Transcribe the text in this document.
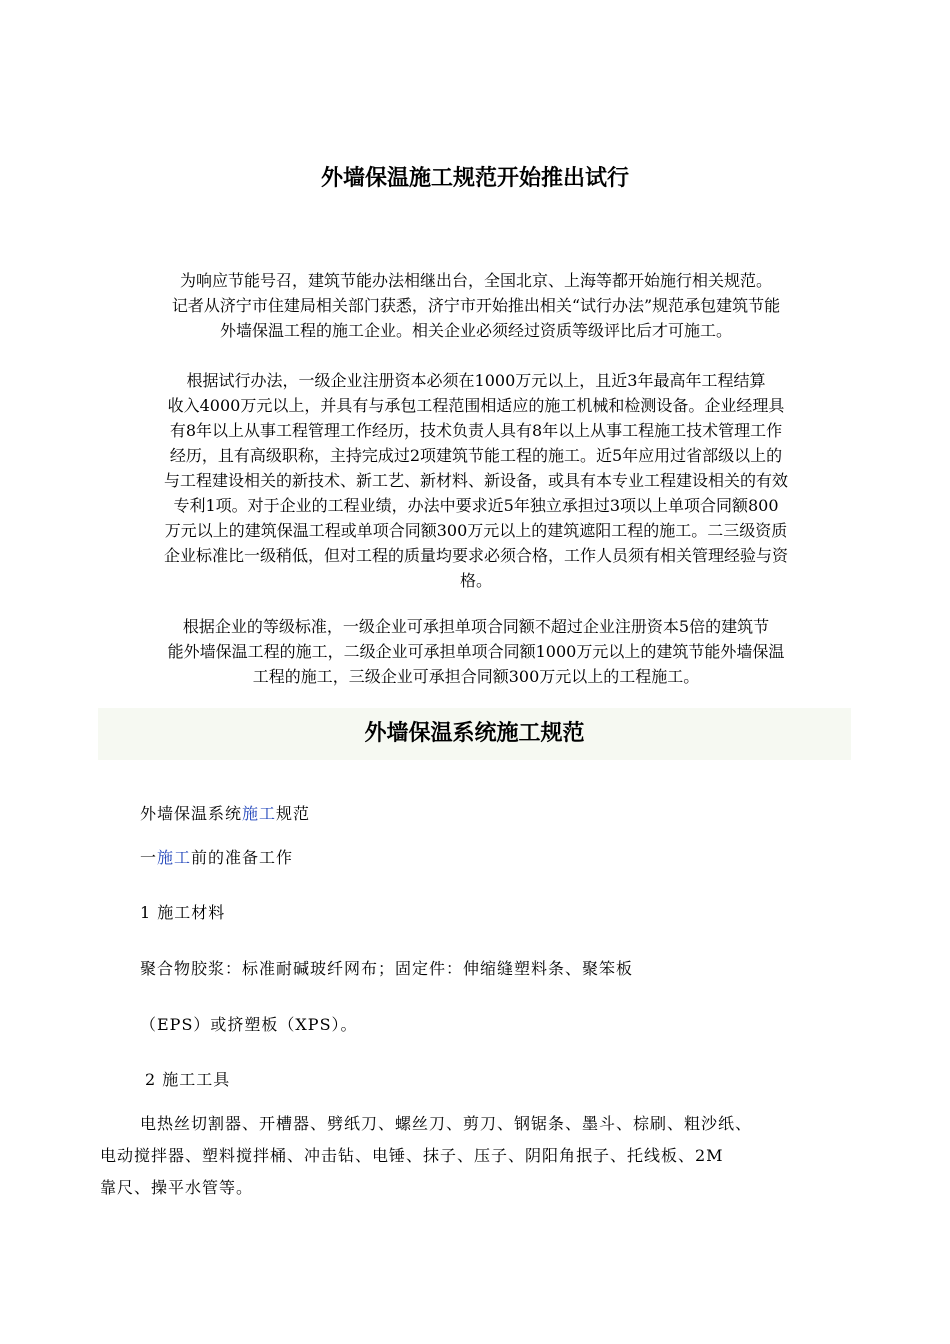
外墙保温施工规范开始推出试行

为响应节能号召，建筑节能办法相继出台，全国北京、上海等都开始施行相关规范。

记者从济宁市住建局相关部门获悉，济宁市开始推出相关“试行办法”规范承包建筑节能

外墙保温工程的施工企业。相关企业必须经过资质等级评比后才可施工。

根据试行办法，一级企业注册资本必须在1000万元以上，且近3年最高年工程结算

收入4000万元以上，并具有与承包工程范围相适应的施工机械和检测设备。企业经理具

有8年以上从事工程管理工作经历，技术负责人具有8年以上从事工程施工技术管理工作

经历，且有高级职称，主持完成过2项建筑节能工程的施工。近5年应用过省部级以上的

与工程建设相关的新技术、新工艺、新材料、新设备，或具有本专业工程建设相关的有效

专利1项。对于企业的工程业绩，办法中要求近5年独立承担过3项以上单项合同额800

万元以上的建筑保温工程或单项合同额300万元以上的建筑遮阳工程的施工。二三级资质

企业标准比一级稍低，但对工程的质量均要求必须合格，工作人员须有相关管理经验与资

格。

根据企业的等级标准，一级企业可承担单项合同额不超过企业注册资本5倍的建筑节

能外墙保温工程的施工，二级企业可承担单项合同额1000万元以上的建筑节能外墙保温

工程的施工，三级企业可承担合同额300万元以上的工程施工。

外墙保温系统施工规范
外墙保温系统施工规范
一施工前的准备工作
1 施工材料
聚合物胶浆：标准耐碱玻纤网布；固定件：伸缩缝塑料条、聚笨板
（EPS）或挤塑板（XPS）。
2 施工工具

电热丝切割器、开槽器、劈纸刀、螺丝刀、剪刀、钢锯条、墨斗、棕刷、粗沙纸、

电动搅拌器、塑料搅拌桶、冲击钻、电锤、抹子、压子、阴阳角抿子、托线板、2M

靠尺、操平水管等。
